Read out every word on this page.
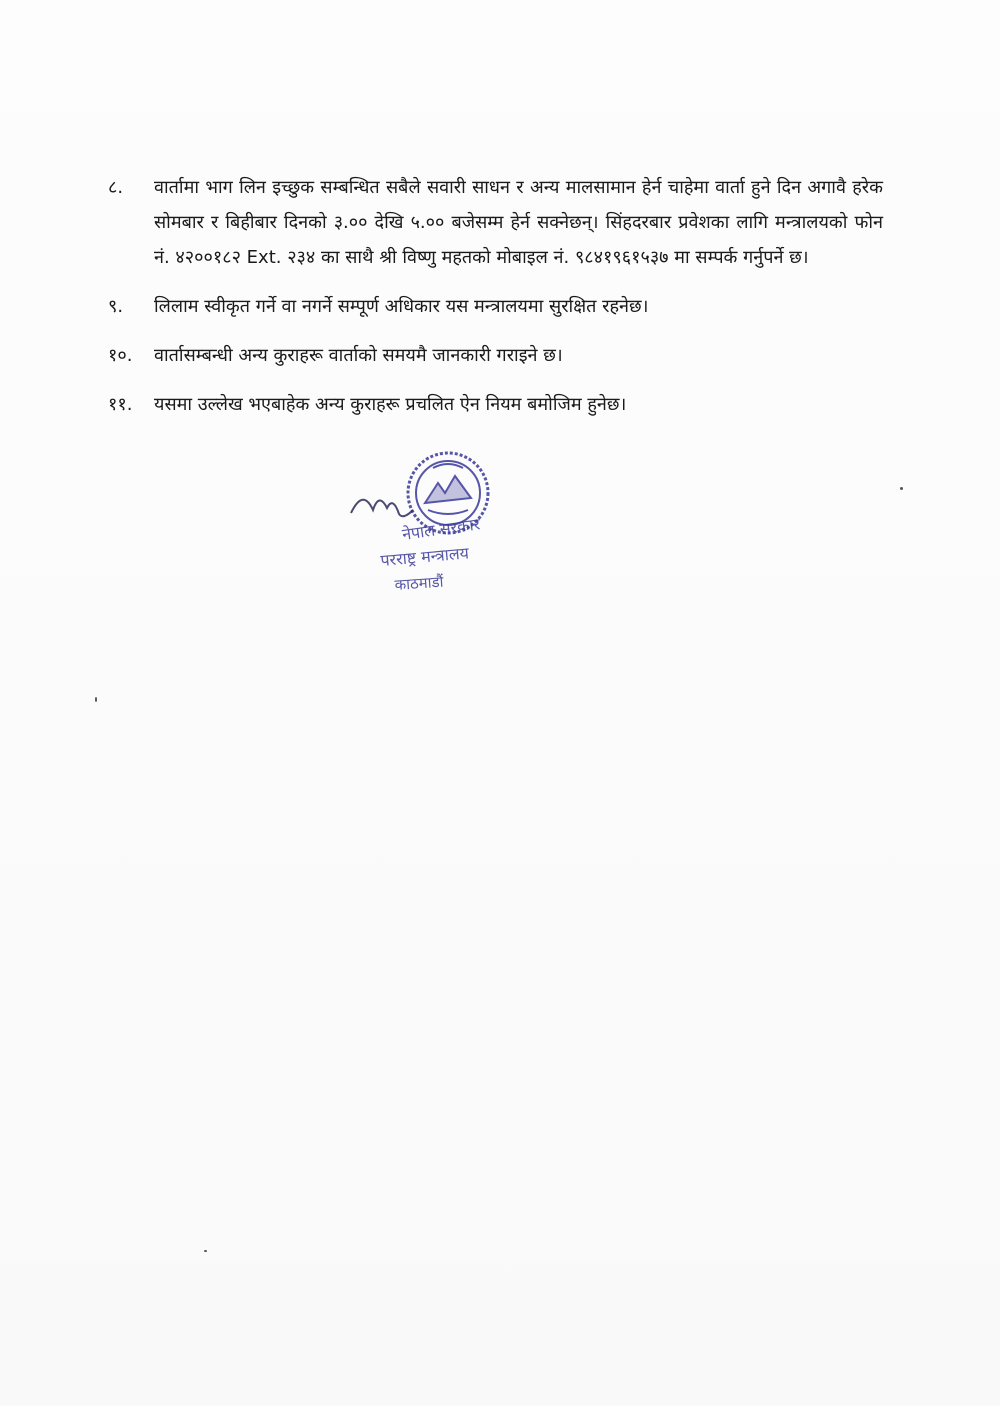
८.	वार्तामा भाग लिन इच्छुक सम्बन्धित सबैले सवारी साधन र अन्य मालसामान हेर्न चाहेमा वार्ता हुने दिन अगावै हरेक सोमबार र बिहीबार दिनको ३.०० देखि ५.०० बजेसम्म हेर्न सक्नेछन्। सिंहदरबार प्रवेशका लागि मन्त्रालयको फोन नं. ४२००१८२ Ext. २३४ का साथै श्री विष्णु महतको मोबाइल नं. ९८४१९६१५३७ मा सम्पर्क गर्नुपर्ने छ।
९.	लिलाम स्वीकृत गर्ने वा नगर्ने सम्पूर्ण अधिकार यस मन्त्रालयमा सुरक्षित रहनेछ।
१०.	वार्तासम्बन्धी अन्य कुराहरू वार्ताको समयमै जानकारी गराइने छ।
११.	यसमा उल्लेख भएबाहेक अन्य कुराहरू प्रचलित ऐन नियम बमोजिम हुनेछ।
नेपाल सरकार
परराष्ट्र मन्त्रालय
काठमाडौं
